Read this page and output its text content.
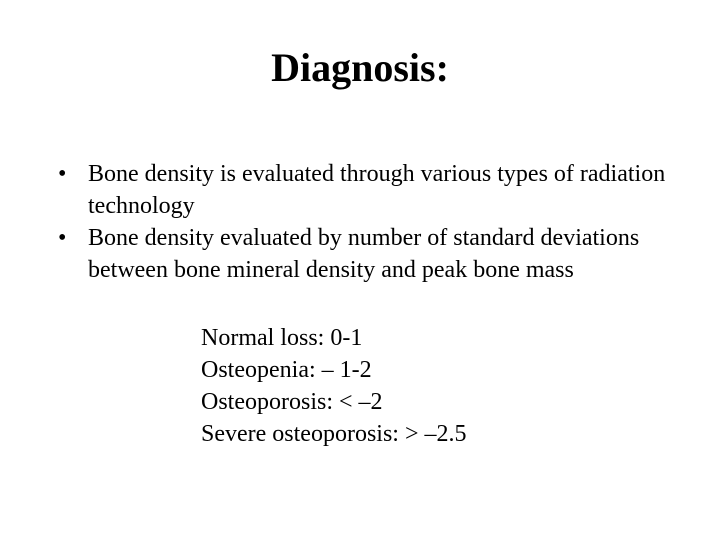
Diagnosis:
• Bone density is evaluated through various types of radiation technology
• Bone density evaluated by number of standard deviations between bone mineral density and peak bone mass
Normal loss: 0-1
Osteopenia: – 1-2
Osteoporosis: < –2
Severe osteoporosis: > –2.5
